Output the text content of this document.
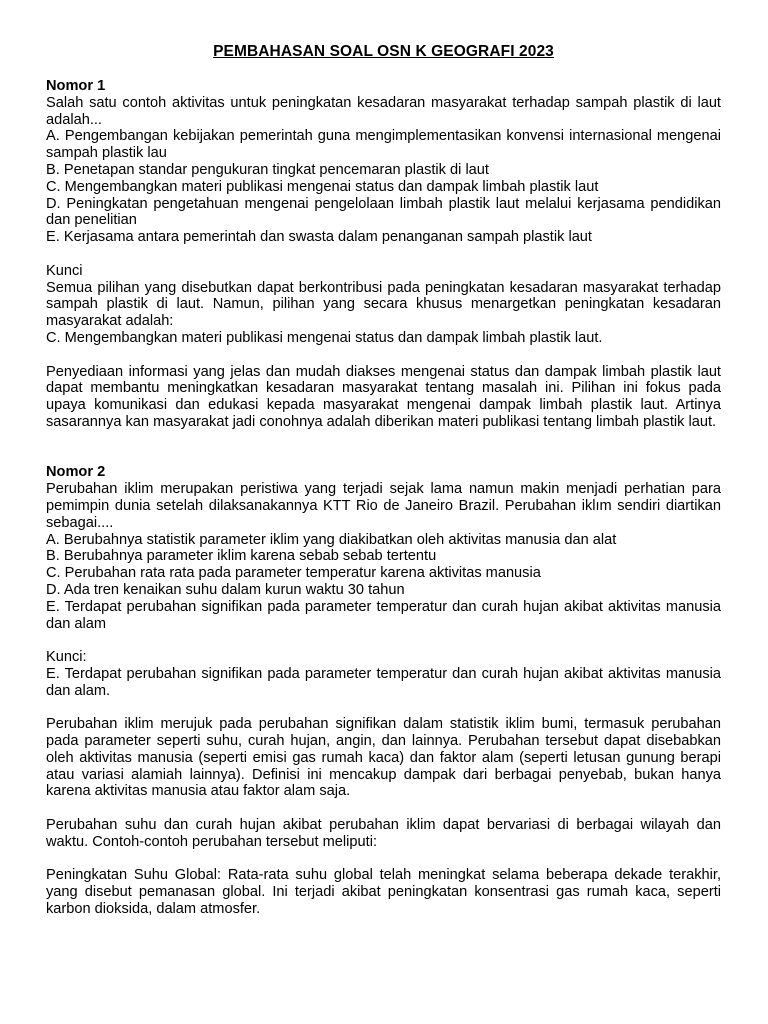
PEMBAHASAN SOAL OSN K GEOGRAFI 2023
Nomor 1
Salah satu contoh aktivitas untuk peningkatan kesadaran masyarakat terhadap sampah plastik di laut adalah...
A. Pengembangan kebijakan pemerintah guna mengimplementasikan konvensi internasional mengenai sampah plastik lau
B. Penetapan standar pengukuran tingkat pencemaran plastik di laut
C. Mengembangkan materi publikasi mengenai status dan dampak limbah plastik laut
D. Peningkatan pengetahuan mengenai pengelolaan limbah plastik laut melalui kerjasama pendidikan dan penelitian
E. Kerjasama antara pemerintah dan swasta dalam penanganan sampah plastik laut
Kunci
Semua pilihan yang disebutkan dapat berkontribusi pada peningkatan kesadaran masyarakat terhadap sampah plastik di laut. Namun, pilihan yang secara khusus menargetkan peningkatan kesadaran masyarakat adalah:
C. Mengembangkan materi publikasi mengenai status dan dampak limbah plastik laut.
Penyediaan informasi yang jelas dan mudah diakses mengenai status dan dampak limbah plastik laut dapat membantu meningkatkan kesadaran masyarakat tentang masalah ini. Pilihan ini fokus pada upaya komunikasi dan edukasi kepada masyarakat mengenai dampak limbah plastik laut. Artinya sasarannya kan masyarakat jadi conohnya adalah diberikan materi publikasi tentang limbah plastik laut.
Nomor 2
Perubahan iklim merupakan peristiwa yang terjadi sejak lama namun makin menjadi perhatian para pemimpin dunia setelah dilaksanakannya KTT Rio de Janeiro Brazil. Perubahan iklım sendiri diartikan sebagai....
A. Berubahnya statistik parameter iklim yang diakibatkan oleh aktivitas manusia dan alat
B. Berubahnya parameter iklim karena sebab sebab tertentu
C. Perubahan rata rata pada parameter temperatur karena aktivitas manusia
D. Ada tren kenaikan suhu dalam kurun waktu 30 tahun
E. Terdapat perubahan signifikan pada parameter temperatur dan curah hujan akibat aktivitas manusia dan alam
Kunci:
E. Terdapat perubahan signifikan pada parameter temperatur dan curah hujan akibat aktivitas manusia dan alam.
Perubahan iklim merujuk pada perubahan signifikan dalam statistik iklim bumi, termasuk perubahan pada parameter seperti suhu, curah hujan, angin, dan lainnya. Perubahan tersebut dapat disebabkan oleh aktivitas manusia (seperti emisi gas rumah kaca) dan faktor alam (seperti letusan gunung berapi atau variasi alamiah lainnya). Definisi ini mencakup dampak dari berbagai penyebab, bukan hanya karena aktivitas manusia atau faktor alam saja.
Perubahan suhu dan curah hujan akibat perubahan iklim dapat bervariasi di berbagai wilayah dan waktu. Contoh-contoh perubahan tersebut meliputi:
Peningkatan Suhu Global: Rata-rata suhu global telah meningkat selama beberapa dekade terakhir, yang disebut pemanasan global. Ini terjadi akibat peningkatan konsentrasi gas rumah kaca, seperti karbon dioksida, dalam atmosfer.
